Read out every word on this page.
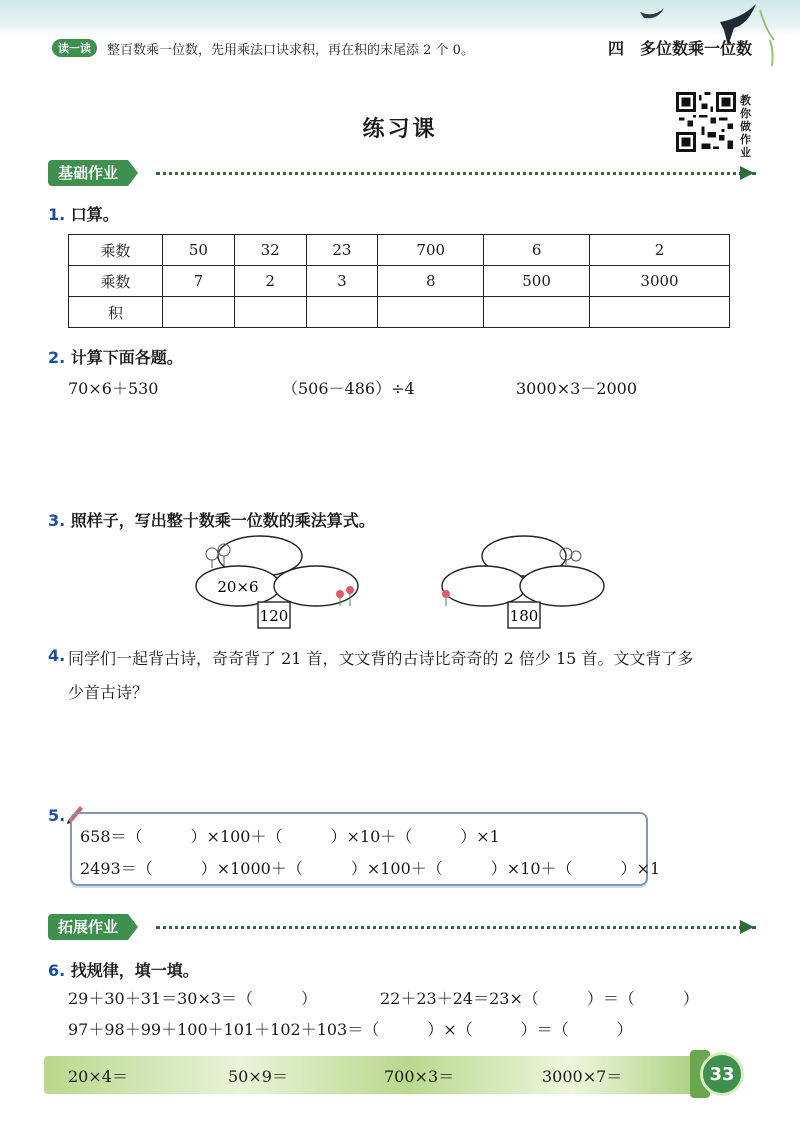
读一读	整百数乘一位数，先用乘法口诀求积，再在积的末尾添 2 个 0。	四　多位数乘一位数
练习课
教你做作业
基础作业
1. 口算。
乘数	50	32	23	700	6	2
乘数	7	2	3	8	500	3000
积						
2. 计算下面各题。
70×6＋530	（506－486）÷4	3000×3－2000
3. 照样子，写出整十数乘一位数的乘法算式。
20×6
120	180
4. 同学们一起背古诗，奇奇背了 21 首，文文背的古诗比奇奇的 2 倍少 15 首。文文背了多
少首古诗？
5.
658＝（　　　）×100＋（　　　）×10＋（　　　）×1
2493＝（　　　）×1000＋（　　　）×100＋（　　　）×10＋（　　　）×1
拓展作业
6. 找规律，填一填。
29＋30＋31＝30×3＝（　　　）	22＋23＋24＝23×（　　　）＝（　　　）
97＋98＋99＋100＋101＋102＋103＝（　　　）×（　　　）＝（　　　）
20×4＝	50×9＝	700×3＝	3000×7＝	33
